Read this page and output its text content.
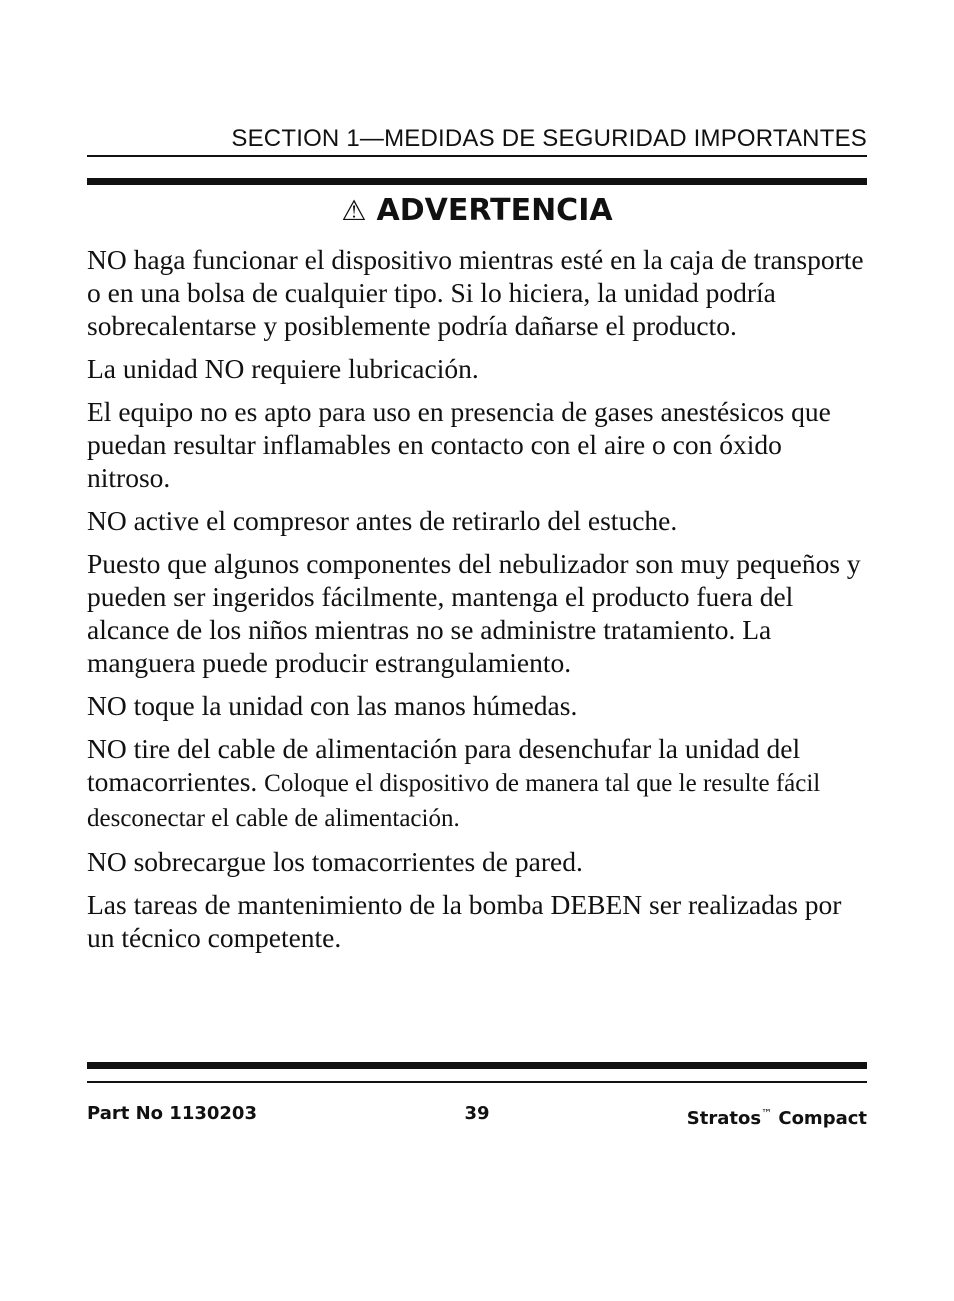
SECTION 1—MEDIDAS DE SEGURIDAD IMPORTANTES
⚠ ADVERTENCIA

NO haga funcionar el dispositivo mientras esté en la caja de transporte o en una bolsa de cualquier tipo. Si lo hiciera, la unidad podría sobrecalentarse y posiblemente podría dañarse el producto.

La unidad NO requiere lubricación.

El equipo no es apto para uso en presencia de gases anestésicos que puedan resultar inflamables en contacto con el aire o con óxido nitroso.

NO active el compresor antes de retirarlo del estuche.

Puesto que algunos componentes del nebulizador son muy pequeños y pueden ser ingeridos fácilmente, mantenga el producto fuera del alcance de los niños mientras no se administre tratamiento. La manguera puede producir estrangulamiento.

NO toque la unidad con las manos húmedas.

NO tire del cable de alimentación para desenchufar la unidad del tomacorrientes. Coloque el dispositivo de manera tal que le resulte fácil desconectar el cable de alimentación.

NO sobrecargue los tomacorrientes de pared.

Las tareas de mantenimiento de la bomba DEBEN ser realizadas por un técnico competente.

Part No 1130203	39	Stratos™ Compact
